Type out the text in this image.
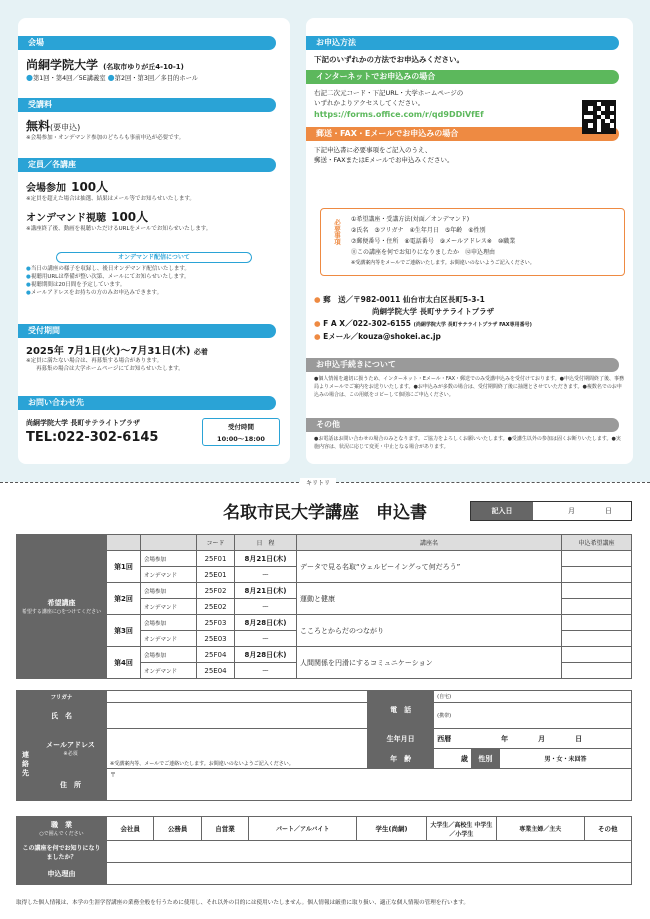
会場
尚絅学院大学 (名取市ゆりが丘4-10-1)
●第1回・第4回／5E講義室 ●第2回・第3回／多目的ホール
受講料
無料(要申込)
※会場参加・オンデマンド参加のどちらも事前申込が必要です。
定員／各講座
会場参加 100人
※定員を超えた場合は抽選、結果はメール等でお知らせいたします。
オンデマンド視聴 100人
※講座終了後、動画を視聴いただけるURLをメールでお知らせいたします。
オンデマンド配信について
●当日の講座の様子を収録し、後日オンデマンド配信いたします。
●視聴用URLは準備が整い次第、メールにてお知らせいたします。
●視聴期間は20日間を予定しています。
●メールアドレスをお持ちの方のみお申込みできます。
受付期間
2025年 7月1日(火)～7月31日(木) 必着
※定員に満たない場合は、再募集する場合があります。
再募集の場合は大学ホームページにてお知らせいたします。
お問い合わせ先
尚絅学院大学 長町サテライトプラザ
TEL:022-302-6145
受付時間
10:00～18:00
お申込方法
下記のいずれかの方法でお申込みください。
インターネットでお申込みの場合
右記二次元コード・下記URL・大学ホームページの
いずれかよりアクセスしてください。
https://forms.office.com/r/qd9DDiVfEf
郵送・FAX・Eメールでお申込みの場合
下記申込書に必要事項をご記入のうえ、
郵送・FAXまたはEメールでお申込みください。
必要事項 ①希望講座・受講方法(対面／オンデマンド)
②氏名　③フリガナ　④生年月日　⑤年齢　⑥性別
⑦郵便番号・住所　⑧電話番号　⑨メールアドレス※　⑩職業
⑪この講座を何でお知りになりましたか　⑫申込理由
※受講案内等をメールでご連絡いたします。お間違いのないようご記入ください。
● 郵　送／〒982-0011 仙台市太白区長町5-3-1
尚絅学院大学 長町サテライトプラザ
● F A X／022-302-6155 (尚絅学院大学 長町サテライトプラザ FAX専用番号)
● Eメール／kouza@shokei.ac.jp
お申込手続きについて
●個人情報を適切に扱うため、インターネット・Eメール・FAX・郵送でのみ受講申込みを受付けております。●申込受付期間終了後、事務局よりメールでご案内をお送りいたします。●お申込みが多数の場合は、受付期間終了後に抽選とさせていただきます。●複数名でのお申込みの場合は、この用紙をコピーして個別にご申込ください。
その他
●お電話はお問い合わせの場合のみとなります。ご協力をよろしくお願いいたします。●受講生以外の参加は固くお断りいたします。●実施内容は、状況に応じて変更・中止となる場合があります。
キリトリ
名取市民大学講座　申込書	記入日	月	日
希望講座
希望する講座に○をつけてください			コード	日　程	講座名	申込希望講座
	第1回	会場参加	25F01	8月21日(木)	データで見る名取“ウェルビーイングって何だろう”	
		オンデマンド	25E01	ー		
	第2回	会場参加	25F02	8月21日(木)	運動と健康	
		オンデマンド	25E02	ー		
	第3回	会場参加	25F03	8月28日(木)	こころとからだのつながり	
		オンデマンド	25E03	ー		
	第4回	会場参加	25F04	8月28日(木)	人間関係を円滑にするコミュニケーション	
		オンデマンド	25E04	ー		
フリガナ			電　話	(自宅)		
氏　名				(携帯)		
連絡先	メールアドレス
※必須	※受講案内等、メールでご連絡いたします。お間違いのないようご記入ください。	生年月日	西暦 年 月 日		
			年　齢	歳	性別	男・女・未回答
	住　所	〒				
職　業
○で囲んでください	会社員	公務員	自営業	パート／アルバイト	学生(尚絅)	大学生／高校生 中学生／小学生	専業主婦／主夫	その他
この講座を何でお知りになりましたか？								
申込理由								
取得した個人情報は、本学の生涯学習講座の業務全般を行うために使用し、それ以外の目的には使用いたしません。個人情報は厳重に取り扱い、適正な個人情報の管理を行います。
